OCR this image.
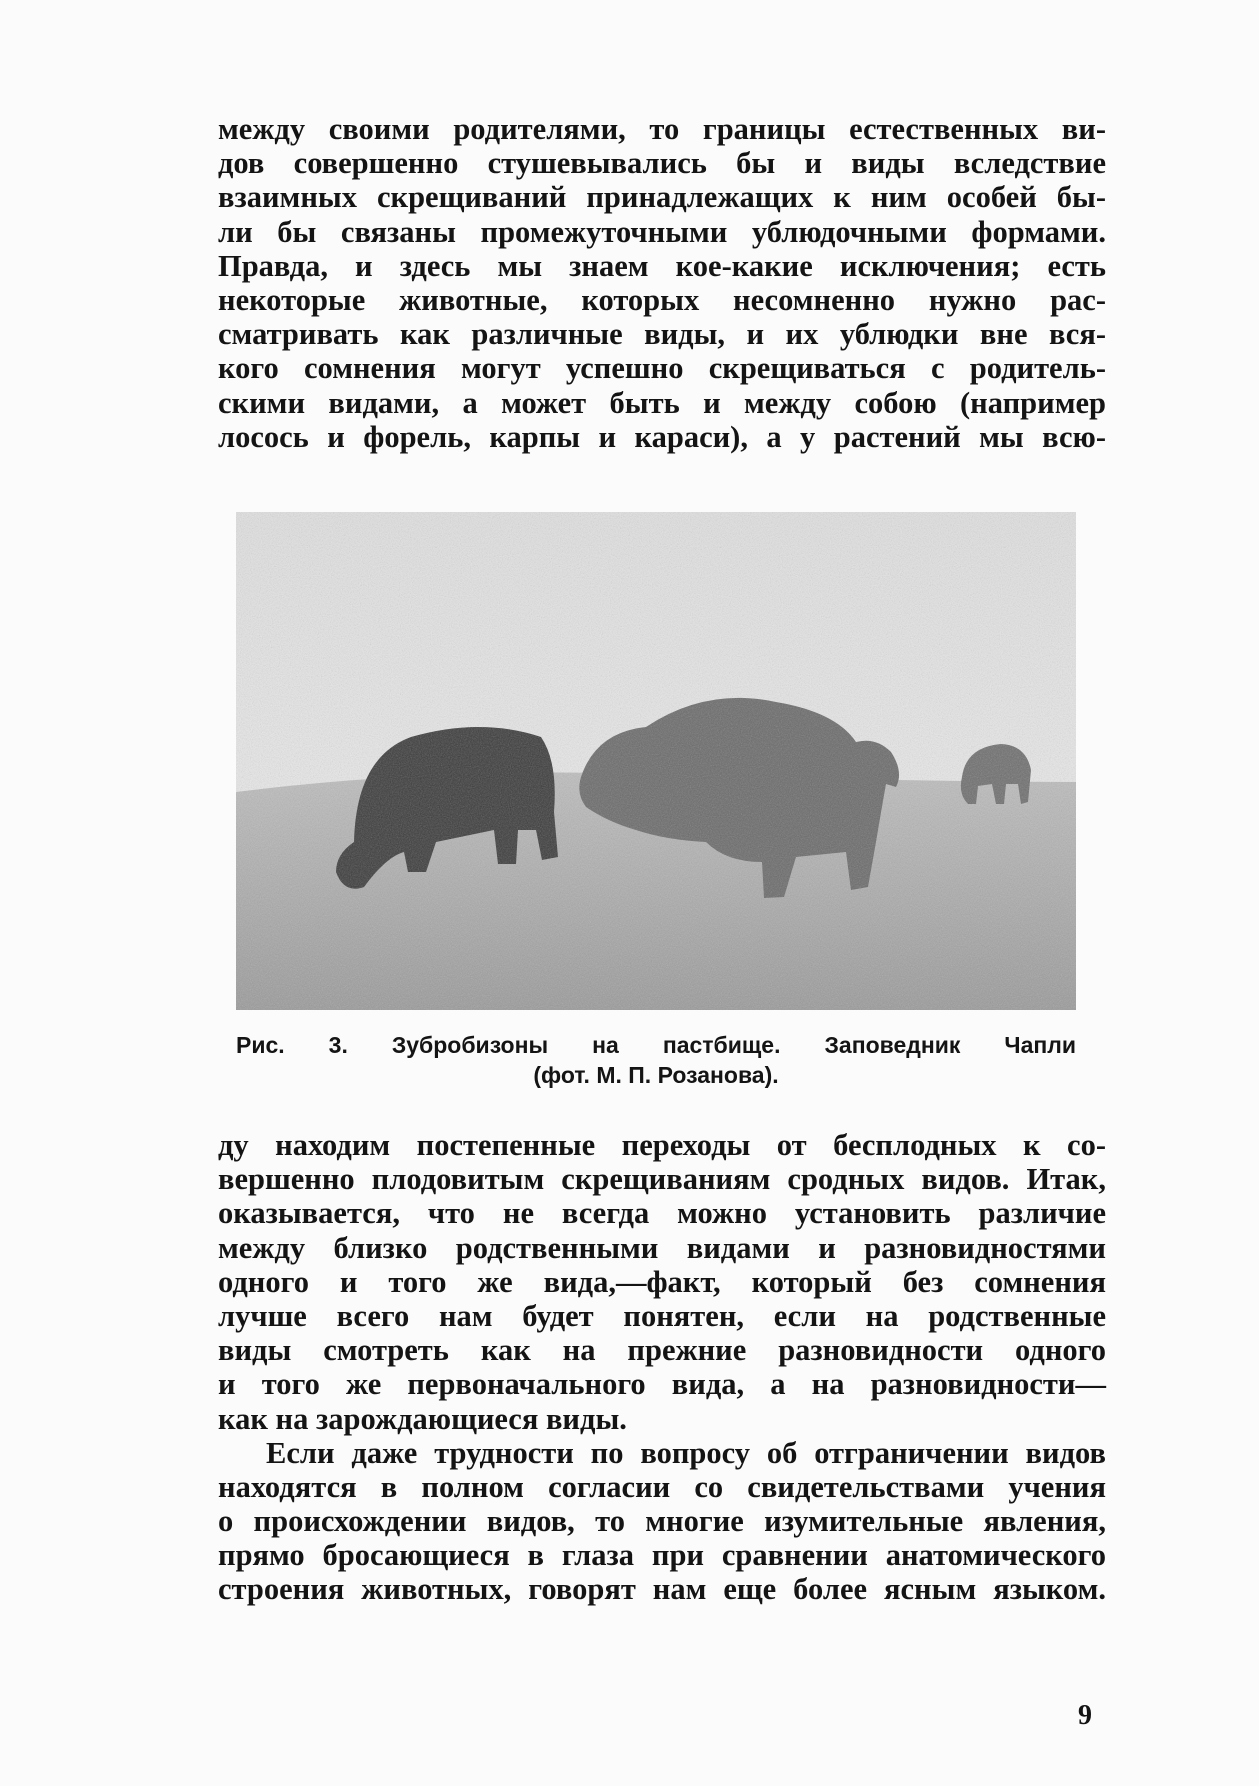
между своими родителями, то границы естественных ви-
дов совершенно стушевывались бы и виды вследствие
взаимных скрещиваний принадлежащих к ним особей бы-
ли бы связаны промежуточными ублюдочными формами.
Правда, и здесь мы знаем кое-какие исключения; есть
некоторые животные, которых несомненно нужно рас-
сматривать как различные виды, и их ублюдки вне вся-
кого сомнения могут успешно скрещиваться с родитель-
скими видами, а может быть и между собою (например
лосось и форель, карпы и караси), а у растений мы всю-
Рис. 3. Зубробизоны на пастбище. Заповедник Чапли
(фот. М. П. Розанова).
ду находим постепенные переходы от бесплодных к со-
вершенно плодовитым скрещиваниям сродных видов. Итак,
оказывается, что не всегда можно установить различие
между близко родственными видами и разновидностями
одного и того же вида,—факт, который без сомнения
лучше всего нам будет понятен, если на родственные
виды смотреть как на прежние разновидности одного
и того же первоначального вида, а на разновидности—
как на зарождающиеся виды.
Если даже трудности по вопросу об отграничении видов
находятся в полном согласии со свидетельствами учения
о происхождении видов, то многие изумительные явления,
прямо бросающиеся в глаза при сравнении анатомического
строения животных, говорят нам еще более ясным языком.
9
